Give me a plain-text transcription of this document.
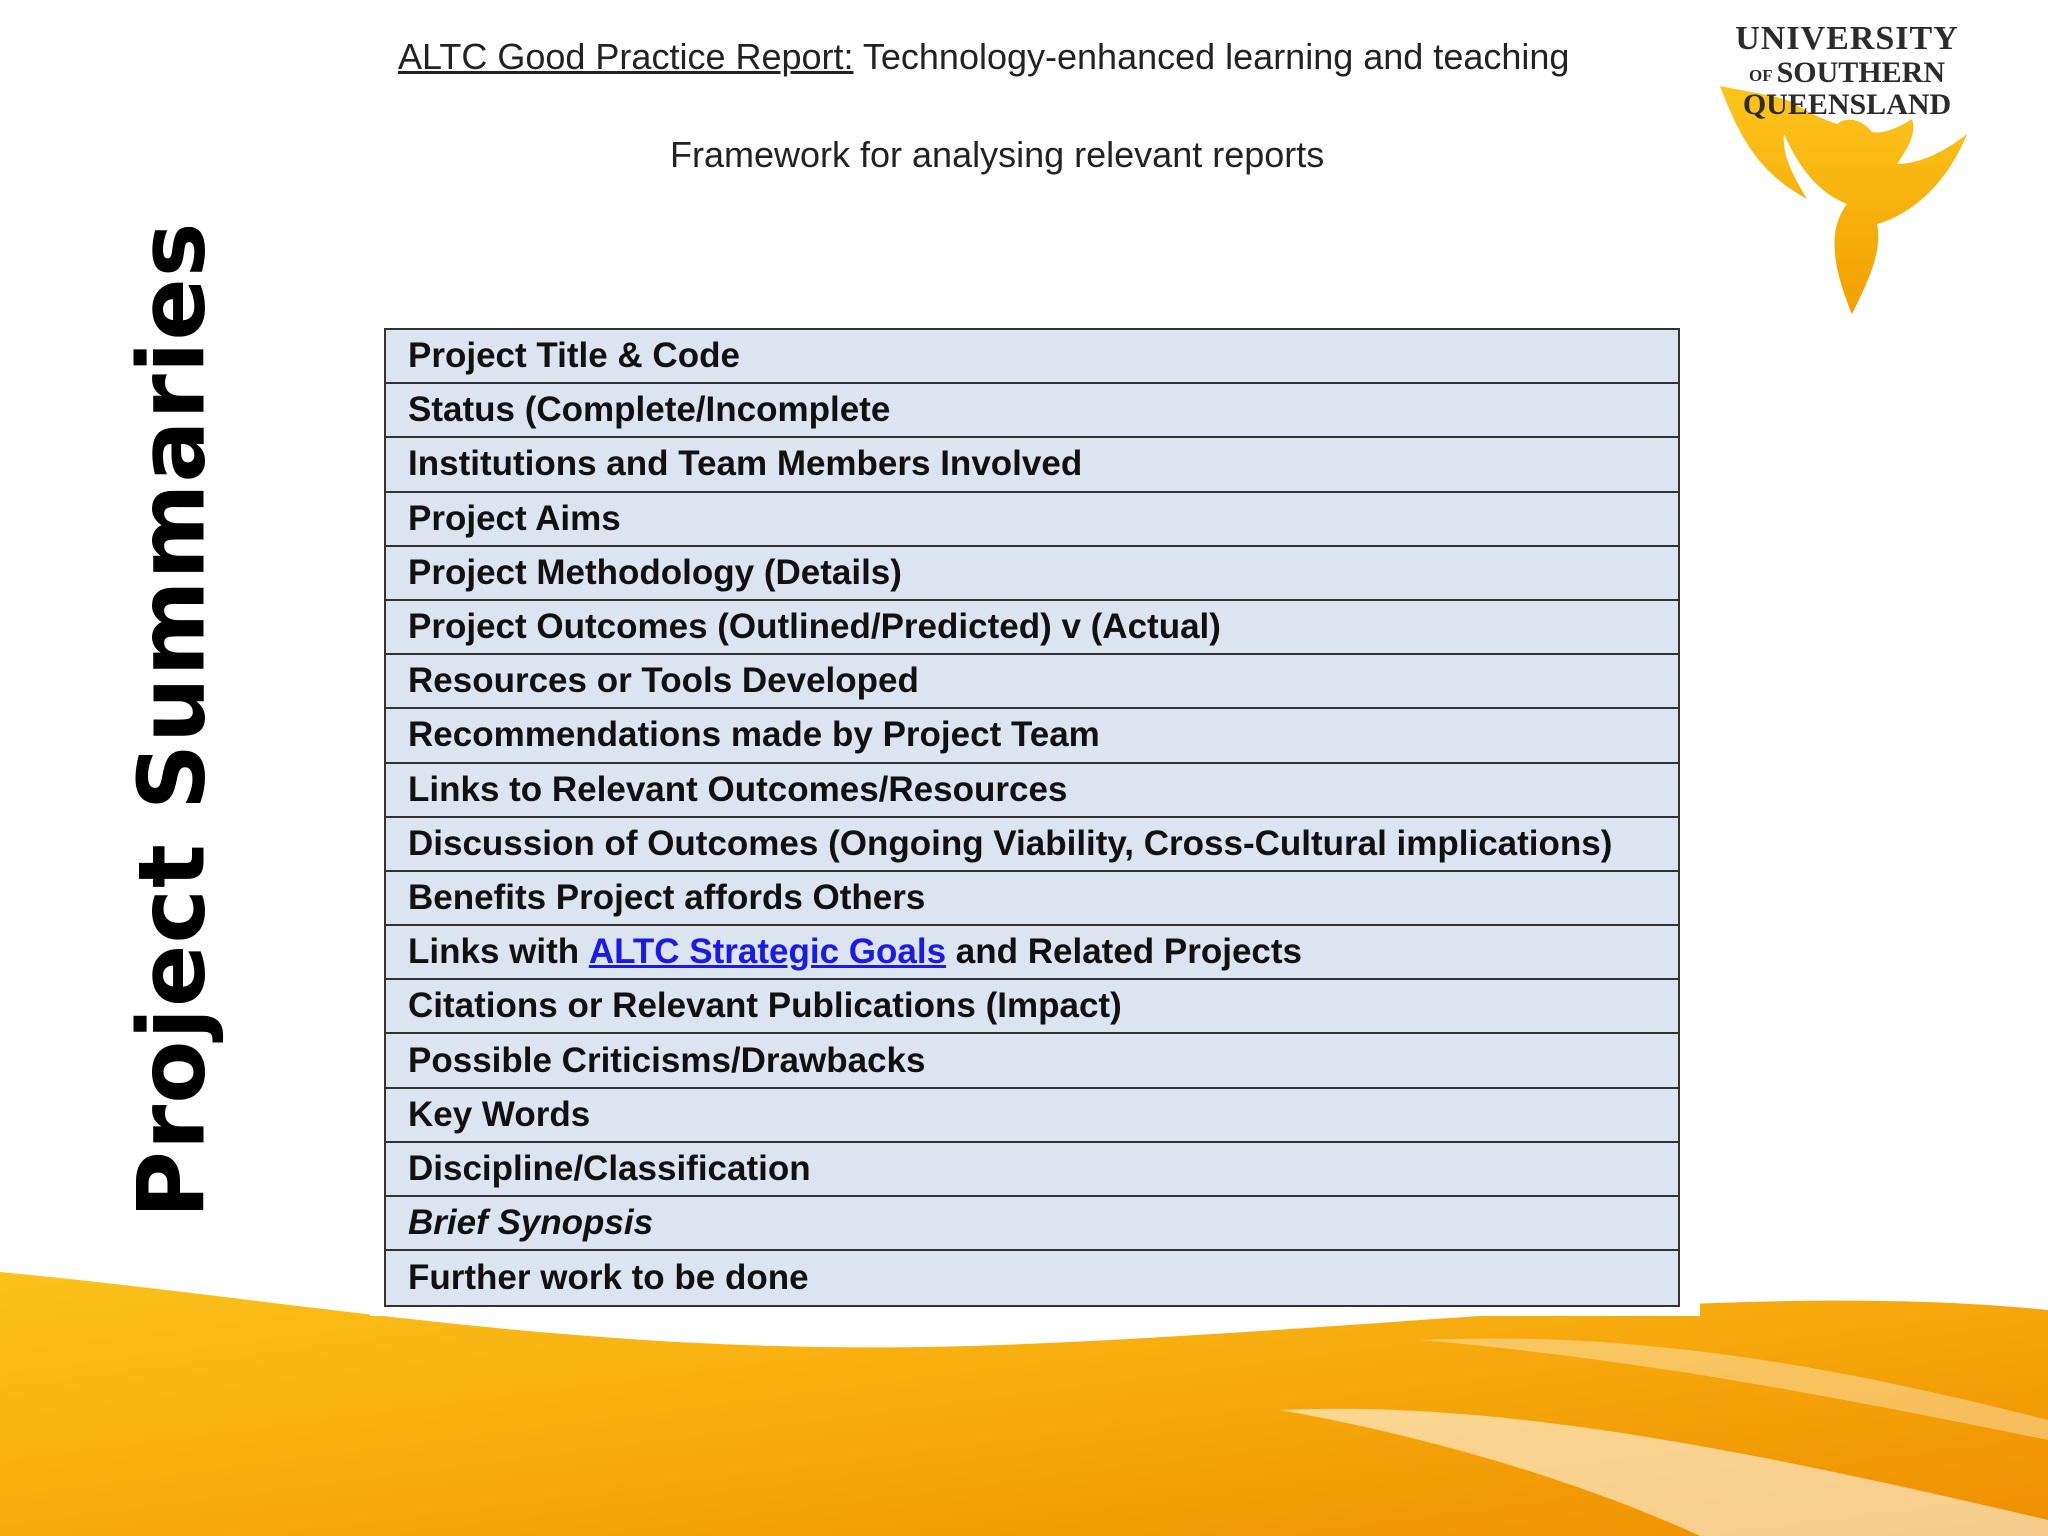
Project Summaries
ALTC Good Practice Report: Technology-enhanced learning and teaching
Framework for analysing relevant reports
UNIVERSITY
OF SOUTHERN
QUEENSLAND
Project Title & Code
Status (Complete/Incomplete
Institutions and Team Members Involved
Project Aims
Project Methodology (Details)
Project Outcomes (Outlined/Predicted) v (Actual)
Resources or Tools Developed
Recommendations made by Project Team
Links to Relevant Outcomes/Resources
Discussion of Outcomes (Ongoing Viability, Cross-Cultural implications)
Benefits Project affords Others
Links with ALTC Strategic Goals and Related Projects
Citations or Relevant Publications (Impact)
Possible Criticisms/Drawbacks
Key Words
Discipline/Classification
Brief Synopsis
Further work to be done
